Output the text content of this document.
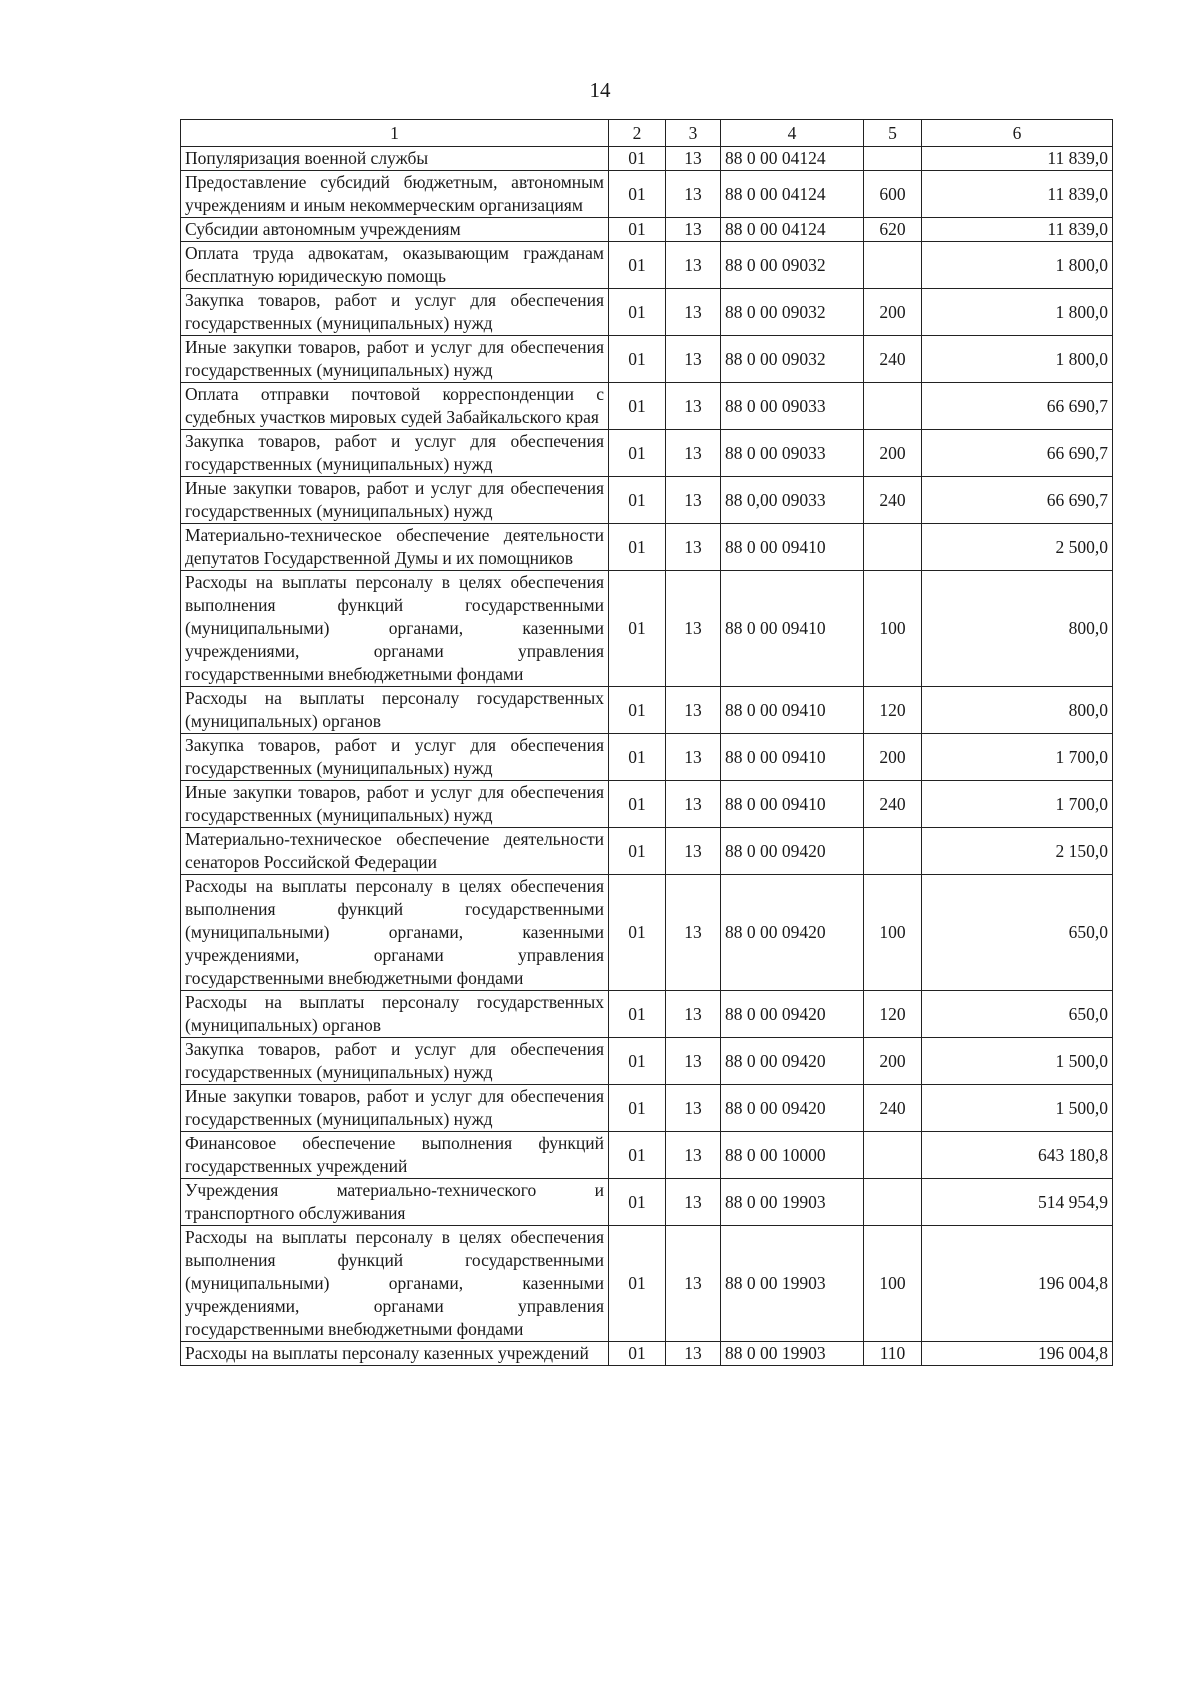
14
1	2	3	4	5	6
Популяризация военной службы	01	13	88 0 00 04124		11 839,0
Предоставление субсидий бюджетным, автономным учреждениям и иным некоммерческим организациям	01	13	88 0 00 04124	600	11 839,0
Субсидии автономным учреждениям	01	13	88 0 00 04124	620	11 839,0
Оплата труда адвокатам, оказывающим гражданам бесплатную юридическую помощь	01	13	88 0 00 09032		1 800,0
Закупка товаров, работ и услуг для обеспечения государственных (муниципальных) нужд	01	13	88 0 00 09032	200	1 800,0
Иные закупки товаров, работ и услуг для обеспечения государственных (муниципальных) нужд	01	13	88 0 00 09032	240	1 800,0
Оплата отправки почтовой корреспонденции с судебных участков мировых судей Забайкальского края	01	13	88 0 00 09033		66 690,7
Закупка товаров, работ и услуг для обеспечения государственных (муниципальных) нужд	01	13	88 0 00 09033	200	66 690,7
Иные закупки товаров, работ и услуг для обеспечения государственных (муниципальных) нужд	01	13	88 0,00 09033	240	66 690,7
Материально-техническое обеспечение деятельности депутатов Государственной Думы и их помощников	01	13	88 0 00 09410		2 500,0
Расходы на выплаты персоналу в целях обеспечения выполнения функций государственными (муниципальными) органами, казенными учреждениями, органами управления государственными внебюджетными фондами	01	13	88 0 00 09410	100	800,0
Расходы на выплаты персоналу государственных (муниципальных) органов	01	13	88 0 00 09410	120	800,0
Закупка товаров, работ и услуг для обеспечения государственных (муниципальных) нужд	01	13	88 0 00 09410	200	1 700,0
Иные закупки товаров, работ и услуг для обеспечения государственных (муниципальных) нужд	01	13	88 0 00 09410	240	1 700,0
Материально-техническое обеспечение деятельности сенаторов Российской Федерации	01	13	88 0 00 09420		2 150,0
Расходы на выплаты персоналу в целях обеспечения выполнения функций государственными (муниципальными) органами, казенными учреждениями, органами управления государственными внебюджетными фондами	01	13	88 0 00 09420	100	650,0
Расходы на выплаты персоналу государственных (муниципальных) органов	01	13	88 0 00 09420	120	650,0
Закупка товаров, работ и услуг для обеспечения государственных (муниципальных) нужд	01	13	88 0 00 09420	200	1 500,0
Иные закупки товаров, работ и услуг для обеспечения государственных (муниципальных) нужд	01	13	88 0 00 09420	240	1 500,0
Финансовое обеспечение выполнения функций государственных учреждений	01	13	88 0 00 10000		643 180,8
Учреждения материально-технического и транспортного обслуживания	01	13	88 0 00 19903		514 954,9
Расходы на выплаты персоналу в целях обеспечения выполнения функций государственными (муниципальными) органами, казенными учреждениями, органами управления государственными внебюджетными фондами	01	13	88 0 00 19903	100	196 004,8
Расходы на выплаты персоналу казенных учреждений	01	13	88 0 00 19903	110	196 004,8
